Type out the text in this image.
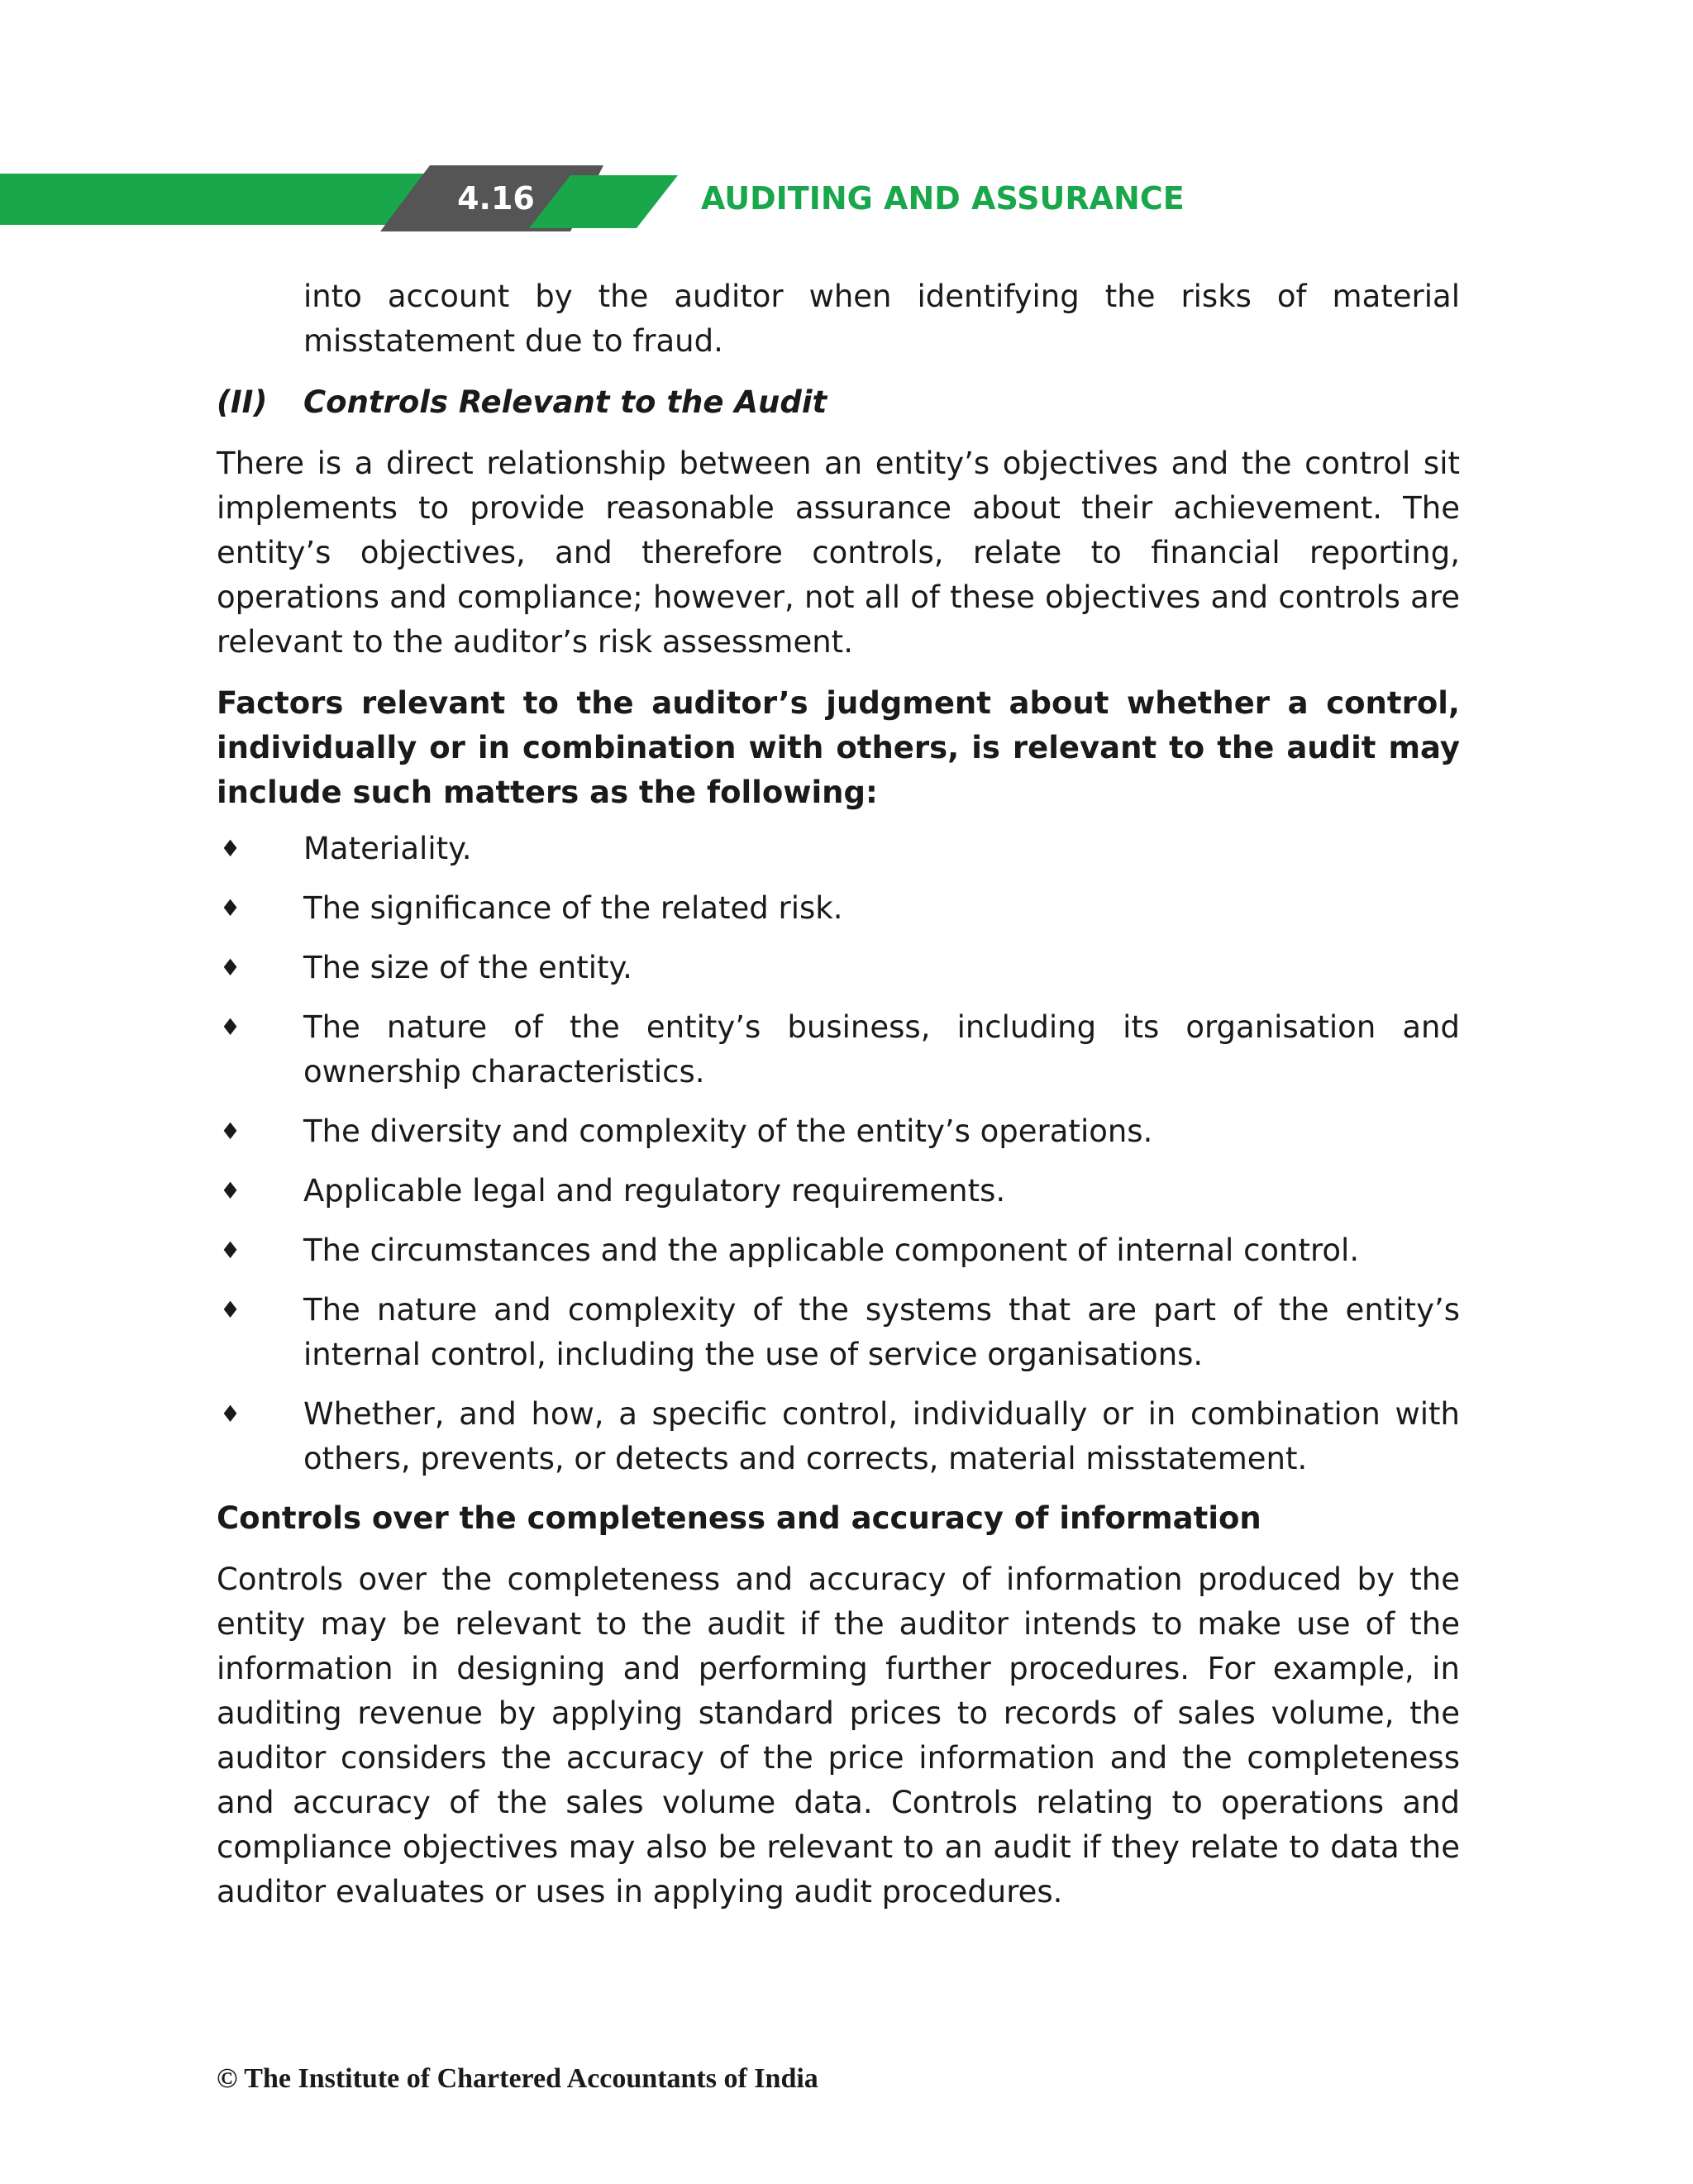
4.16	AUDITING AND ASSURANCE

into account by the auditor when identifying the risks of material misstatement due to fraud.

(II)	Controls Relevant to the Audit

There is a direct relationship between an entity’s objectives and the control sit implements to provide reasonable assurance about their achievement. The entity’s objectives, and therefore controls, relate to financial reporting, operations and compliance; however, not all of these objectives and controls are relevant to the auditor’s risk assessment.

Factors relevant to the auditor’s judgment about whether a control, individually or in combination with others, is relevant to the audit may include such matters as the following:

♦	Materiality.
♦	The significance of the related risk.
♦	The size of the entity.
♦	The nature of the entity’s business, including its organisation and ownership characteristics.
♦	The diversity and complexity of the entity’s operations.
♦	Applicable legal and regulatory requirements.
♦	The circumstances and the applicable component of internal control.
♦	The nature and complexity of the systems that are part of the entity’s internal control, including the use of service organisations.
♦	Whether, and how, a specific control, individually or in combination with others, prevents, or detects and corrects, material misstatement.
Controls over the completeness and accuracy of information

Controls over the completeness and accuracy of information produced by the entity may be relevant to the audit if the auditor intends to make use of the information in designing and performing further procedures. For example, in auditing revenue by applying standard prices to records of sales volume, the auditor considers the accuracy of the price information and the completeness and accuracy of the sales volume data. Controls relating to operations and compliance objectives may also be relevant to an audit if they relate to data the auditor evaluates or uses in applying audit procedures.

© The Institute of Chartered Accountants of India
